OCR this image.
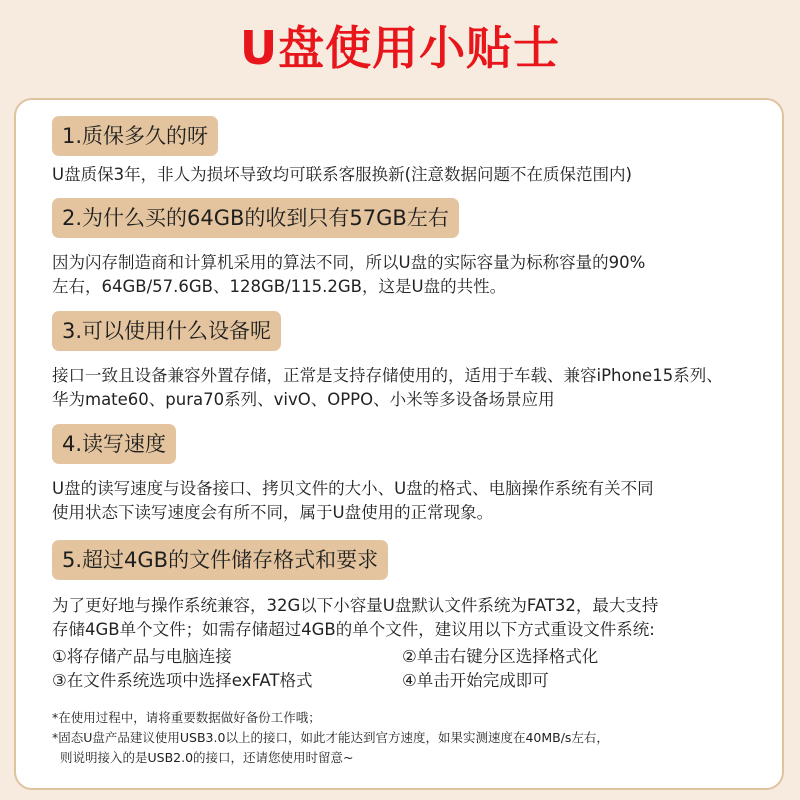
U盘使用小贴士
1.质保多久的呀
U盘质保3年，非人为损坏导致均可联系客服换新(注意数据问题不在质保范围内)
2.为什么买的64GB的收到只有57GB左右
因为闪存制造商和计算机采用的算法不同，所以U盘的实际容量为标称容量的90%
左右，64GB/57.6GB、128GB/115.2GB，这是U盘的共性。
3.可以使用什么设备呢
接口一致且设备兼容外置存储，正常是支持存储使用的，适用于车载、兼容iPhone15系列、
华为mate60、pura70系列、vivO、OPPO、小米等多设备场景应用
4.读写速度
U盘的读写速度与设备接口、拷贝文件的大小、U盘的格式、电脑操作系统有关不同
使用状态下读写速度会有所不同，属于U盘使用的正常现象。
5.超过4GB的文件储存格式和要求
为了更好地与操作系统兼容，32G以下小容量U盘默认文件系统为FAT32，最大支持
存储4GB单个文件；如需存储超过4GB的单个文件，建议用以下方式重设文件系统:
①将存储产品与电脑连接	②单击右键分区选择格式化
③在文件系统选项中选择exFAT格式	④单击开始完成即可
*在使用过程中，请将重要数据做好备份工作哦；
*固态U盘产品建议使用USB3.0以上的接口，如此才能达到官方速度，如果实测速度在40MB/s左右，
则说明接入的是USB2.0的接口，还请您使用时留意~
